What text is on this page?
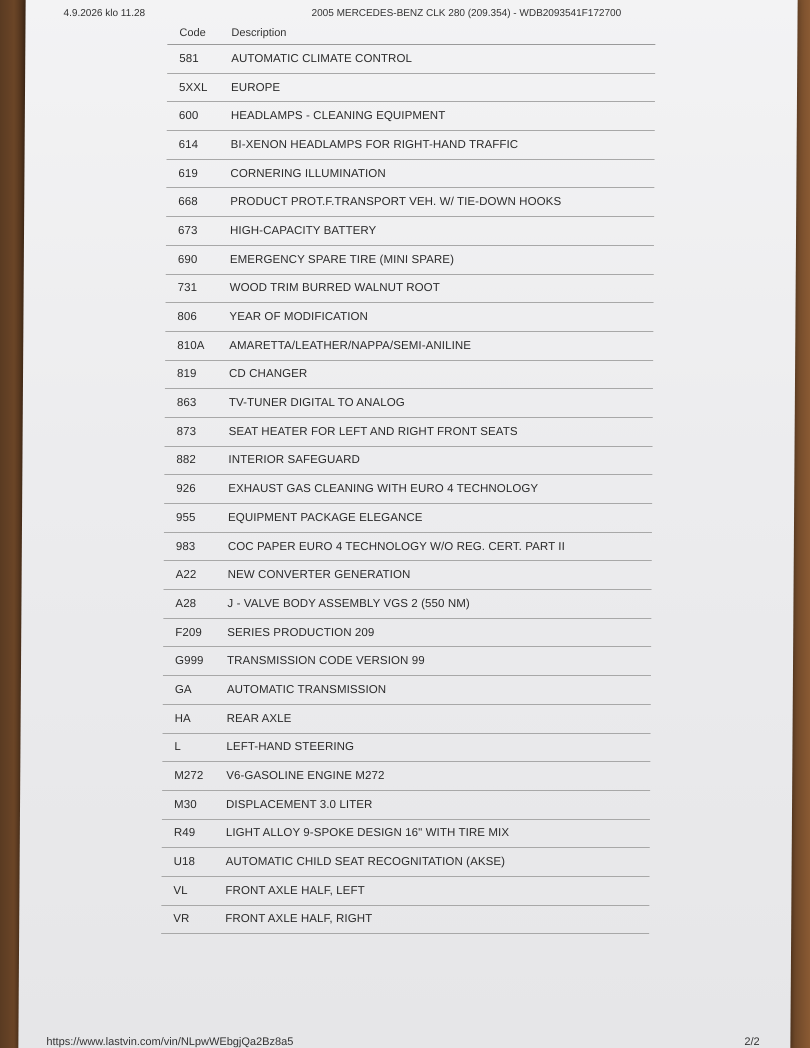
4.9.2026 klo 11.28	2005 MERCEDES-BENZ CLK 280 (209.354) - WDB2093541F172700
Code	Description
581	AUTOMATIC CLIMATE CONTROL
5XXL	EUROPE
600	HEADLAMPS - CLEANING EQUIPMENT
614	BI-XENON HEADLAMPS FOR RIGHT-HAND TRAFFIC
619	CORNERING ILLUMINATION
668	PRODUCT PROT.F.TRANSPORT VEH. W/ TIE-DOWN HOOKS
673	HIGH-CAPACITY BATTERY
690	EMERGENCY SPARE TIRE (MINI SPARE)
731	WOOD TRIM BURRED WALNUT ROOT
806	YEAR OF MODIFICATION
810A	AMARETTA/LEATHER/NAPPA/SEMI-ANILINE
819	CD CHANGER
863	TV-TUNER DIGITAL TO ANALOG
873	SEAT HEATER FOR LEFT AND RIGHT FRONT SEATS
882	INTERIOR SAFEGUARD
926	EXHAUST GAS CLEANING WITH EURO 4 TECHNOLOGY
955	EQUIPMENT PACKAGE ELEGANCE
983	COC PAPER EURO 4 TECHNOLOGY W/O REG. CERT. PART II
A22	NEW CONVERTER GENERATION
A28	J - VALVE BODY ASSEMBLY VGS 2 (550 NM)
F209	SERIES PRODUCTION 209
G999	TRANSMISSION CODE VERSION 99
GA	AUTOMATIC TRANSMISSION
HA	REAR AXLE
L	LEFT-HAND STEERING
M272	V6-GASOLINE ENGINE M272
M30	DISPLACEMENT 3.0 LITER
R49	LIGHT ALLOY 9-SPOKE DESIGN 16" WITH TIRE MIX
U18	AUTOMATIC CHILD SEAT RECOGNITATION (AKSE)
VL	FRONT AXLE HALF, LEFT
VR	FRONT AXLE HALF, RIGHT
https://www.lastvin.com/vin/NLpwWEbgjQa2Bz8a5	2/2
